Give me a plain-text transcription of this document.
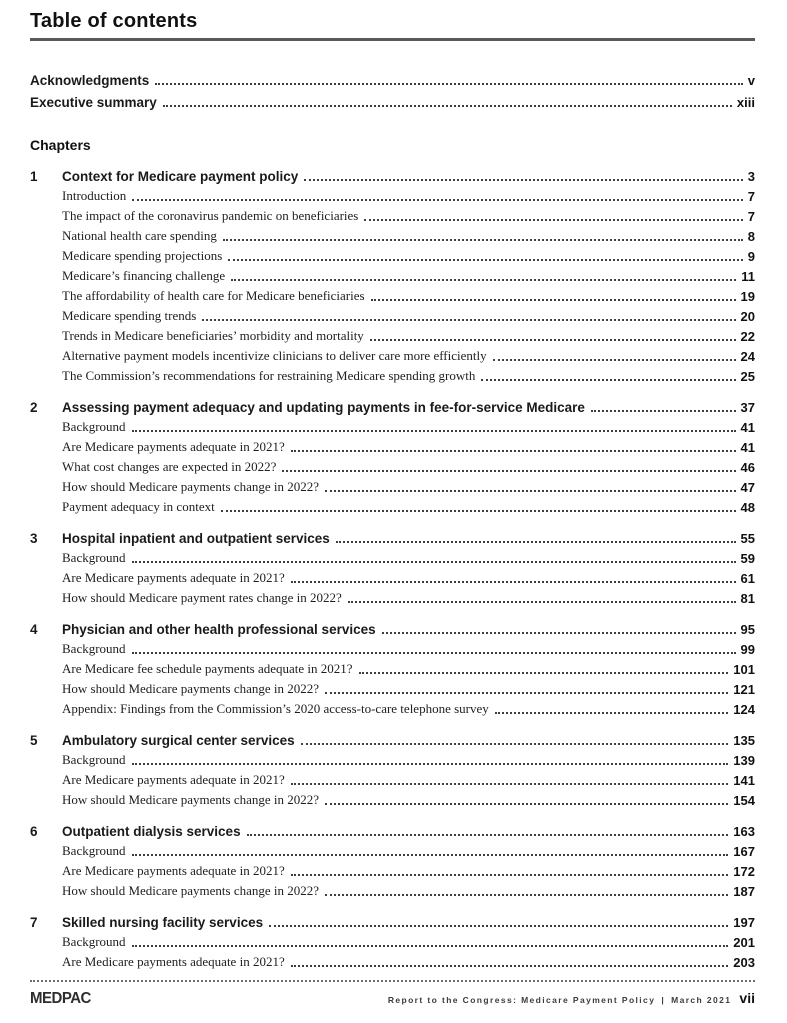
Table of contents
Acknowledgments	v
Executive summary	xiii
Chapters
1	Context for Medicare payment policy	3
Introduction	7
The impact of the coronavirus pandemic on beneficiaries	7
National health care spending	8
Medicare spending projections	9
Medicare’s financing challenge	11
The affordability of health care for Medicare beneficiaries	19
Medicare spending trends	20
Trends in Medicare beneficiaries’ morbidity and mortality	22
Alternative payment models incentivize clinicians to deliver care more efficiently	24
The Commission’s recommendations for restraining Medicare spending growth	25
2	Assessing payment adequacy and updating payments in fee-for-service Medicare	37
Background	41
Are Medicare payments adequate in 2021?	41
What cost changes are expected in 2022?	46
How should Medicare payments change in 2022?	47
Payment adequacy in context	48
3	Hospital inpatient and outpatient services	55
Background	59
Are Medicare payments adequate in 2021?	61
How should Medicare payment rates change in 2022?	81
4	Physician and other health professional services	95
Background	99
Are Medicare fee schedule payments adequate in 2021?	101
How should Medicare payments change in 2022?	121
Appendix: Findings from the Commission’s 2020 access-to-care telephone survey	124
5	Ambulatory surgical center services	135
Background	139
Are Medicare payments adequate in 2021?	141
How should Medicare payments change in 2022?	154
6	Outpatient dialysis services	163
Background	167
Are Medicare payments adequate in 2021?	172
How should Medicare payments change in 2022?	187
7	Skilled nursing facility services	197
Background	201
Are Medicare payments adequate in 2021?	203
MEDPAC	Report to the Congress: Medicare Payment Policy | March 2021 vii
